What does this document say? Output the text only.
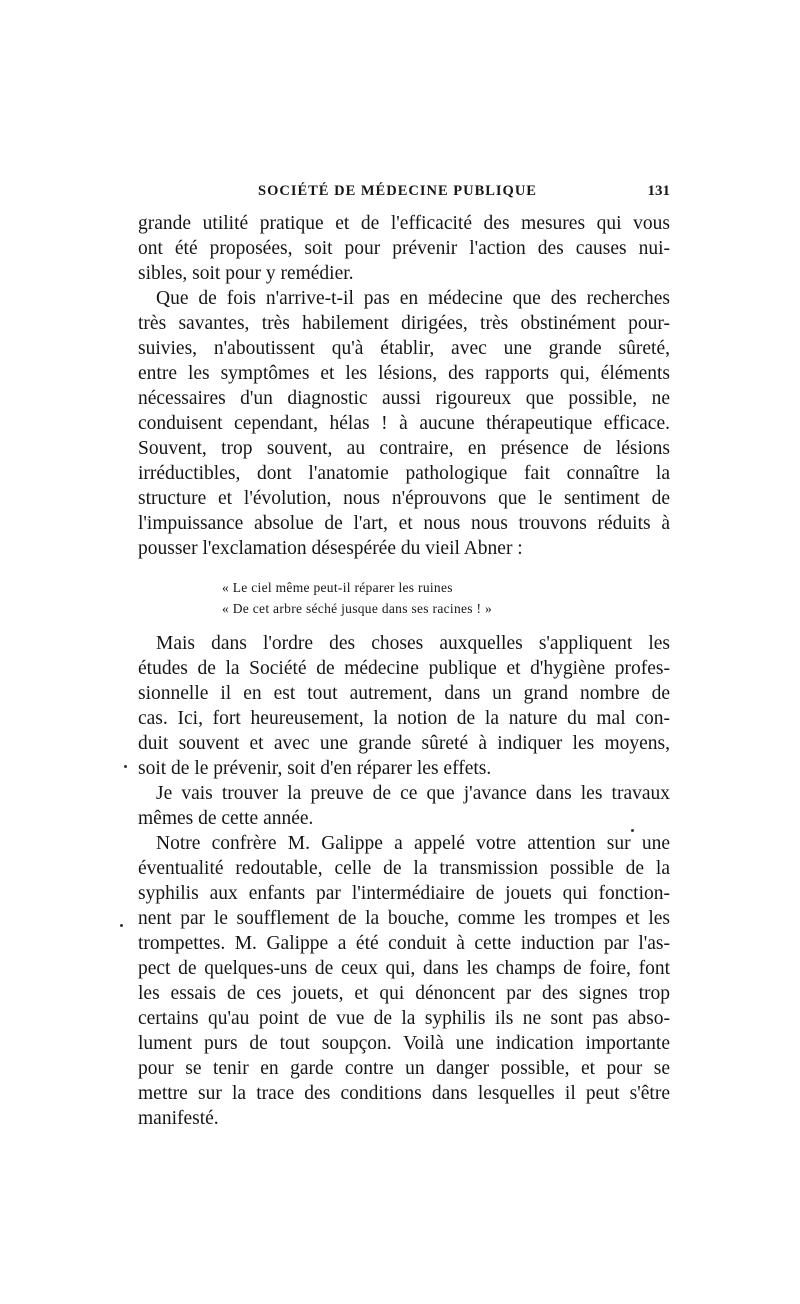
SOCIÉTÉ DE MÉDECINE PUBLIQUE	131
grande utilité pratique et de l'efficacité des mesures qui vous
ont été proposées, soit pour prévenir l'action des causes nui-
sibles, soit pour y remédier.
Que de fois n'arrive-t-il pas en médecine que des recherches
très savantes, très habilement dirigées, très obstinément pour-
suivies, n'aboutissent qu'à établir, avec une grande sûreté,
entre les symptômes et les lésions, des rapports qui, éléments
nécessaires d'un diagnostic aussi rigoureux que possible, ne
conduisent cependant, hélas ! à aucune thérapeutique efficace.
Souvent, trop souvent, au contraire, en présence de lésions
irréductibles, dont l'anatomie pathologique fait connaître la
structure et l'évolution, nous n'éprouvons que le sentiment de
l'impuissance absolue de l'art, et nous nous trouvons réduits à
pousser l'exclamation désespérée du vieil Abner :
« Le ciel même peut-il réparer les ruines
« De cet arbre séché jusque dans ses racines ! »
Mais dans l'ordre des choses auxquelles s'appliquent les
études de la Société de médecine publique et d'hygiène profes-
sionnelle il en est tout autrement, dans un grand nombre de
cas. Ici, fort heureusement, la notion de la nature du mal con-
duit souvent et avec une grande sûreté à indiquer les moyens,
soit de le prévenir, soit d'en réparer les effets.
Je vais trouver la preuve de ce que j'avance dans les travaux
mêmes de cette année.
Notre confrère M. Galippe a appelé votre attention sur une
éventualité redoutable, celle de la transmission possible de la
syphilis aux enfants par l'intermédiaire de jouets qui fonction-
nent par le soufflement de la bouche, comme les trompes et les
trompettes. M. Galippe a été conduit à cette induction par l'as-
pect de quelques-uns de ceux qui, dans les champs de foire, font
les essais de ces jouets, et qui dénoncent par des signes trop
certains qu'au point de vue de la syphilis ils ne sont pas abso-
lument purs de tout soupçon. Voilà une indication importante
pour se tenir en garde contre un danger possible, et pour se
mettre sur la trace des conditions dans lesquelles il peut s'être
manifesté.
